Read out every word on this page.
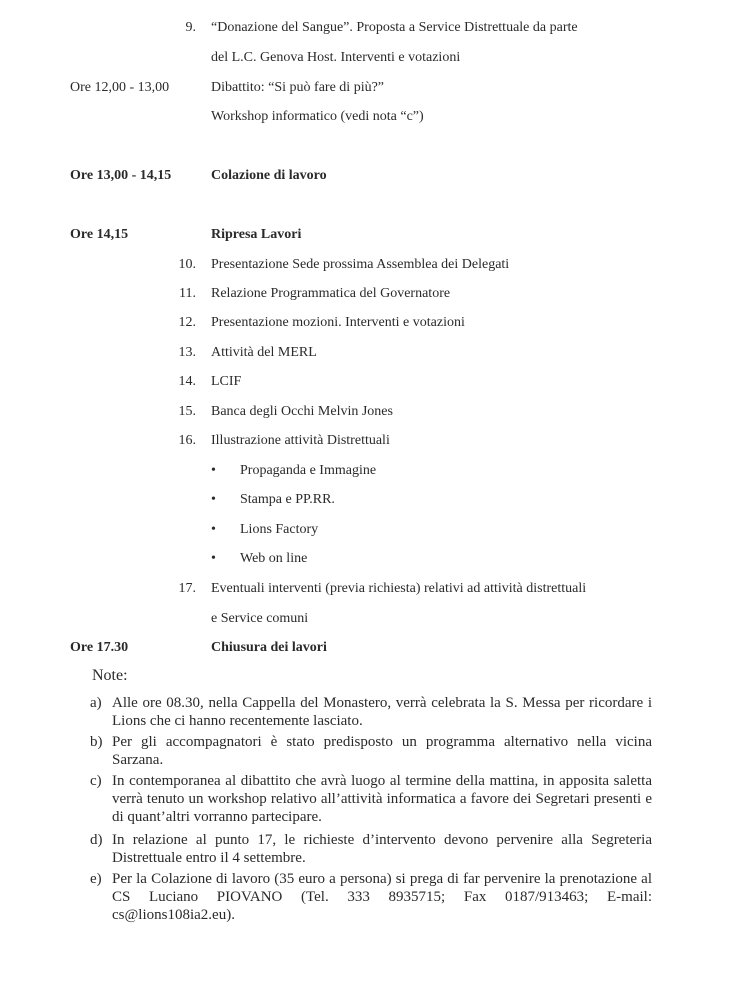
9. “Donazione del Sangue”. Proposta a Service Distrettuale da parte
del L.C. Genova Host. Interventi e votazioni
Ore 12,00 - 13,00	Dibattito: “Si può fare di più?”
Workshop informatico (vedi nota “c”)
Ore 13,00 - 14,15	Colazione di lavoro
Ore 14,15	Ripresa Lavori
10. Presentazione Sede prossima Assemblea dei Delegati
11. Relazione Programmatica del Governatore
12. Presentazione mozioni. Interventi e votazioni
13. Attività del MERL
14. LCIF
15. Banca degli Occhi Melvin Jones
16. Illustrazione attività Distrettuali
• Propaganda e Immagine
• Stampa e PP.RR.
• Lions Factory
• Web on line
17. Eventuali interventi (previa richiesta) relativi ad attività distrettuali
e Service comuni
Ore 17.30	Chiusura dei lavori
Note:
a) Alle ore 08.30, nella Cappella del Monastero, verrà celebrata la S. Messa per ricordare i Lions che ci hanno recentemente lasciato.
b) Per gli accompagnatori è stato predisposto un programma alternativo nella vicina Sarzana.
c) In contemporanea al dibattito che avrà luogo al termine della mattina, in apposita saletta verrà tenuto un workshop relativo all’attività informatica a favore dei Segretari presenti e di quant’altri vorranno partecipare.
d) In relazione al punto 17, le richieste d’intervento devono pervenire alla Segreteria Distrettuale entro il 4 settembre.
e) Per la Colazione di lavoro (35 euro a persona) si prega di far pervenire la prenotazione al CS Luciano PIOVANO (Tel. 333 8935715; Fax 0187/913463; E-mail: cs@lions108ia2.eu).
